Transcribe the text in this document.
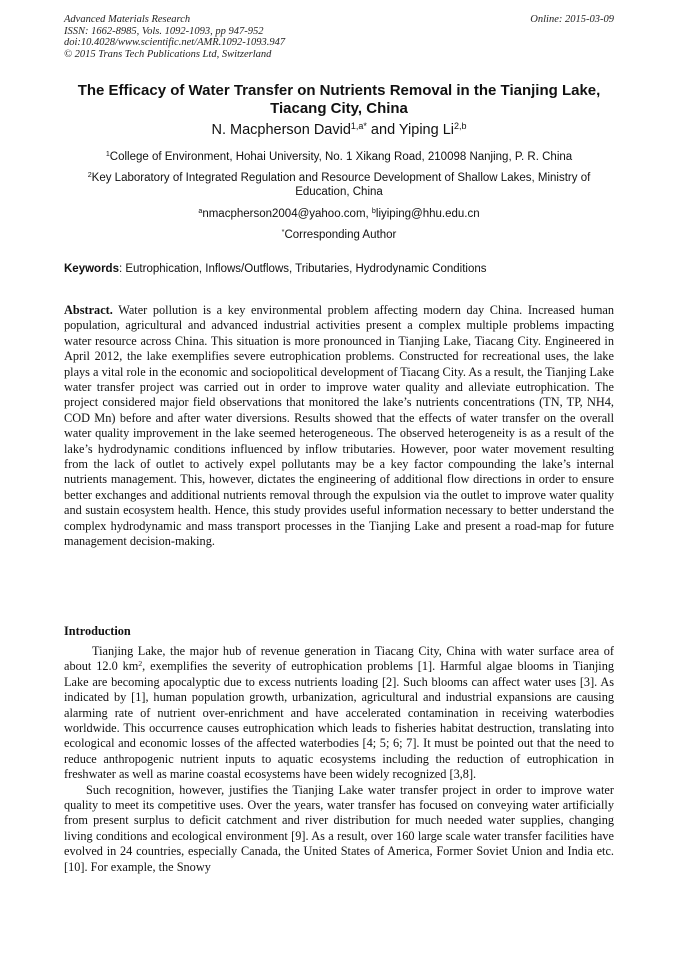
Advanced Materials Research
ISSN: 1662-8985, Vols. 1092-1093, pp 947-952
doi:10.4028/www.scientific.net/AMR.1092-1093.947
© 2015 Trans Tech Publications Ltd, Switzerland
Online: 2015-03-09
The Efficacy of Water Transfer on Nutrients Removal in the Tianjing Lake, Tiacang City, China
N. Macpherson David$^{1,a*}$ and Yiping Li$^{2,b}$
$^1$College of Environment, Hohai University, No. 1 Xikang Road, 210098 Nanjing, P. R. China
$^2$Key Laboratory of Integrated Regulation and Resource Development of Shallow Lakes, Ministry of Education, China
$^a$nmacpherson2004@yahoo.com, $^b$liyiping@hhu.edu.cn
*Corresponding Author
Keywords: Eutrophication, Inflows/Outflows, Tributaries, Hydrodynamic Conditions
Abstract. Water pollution is a key environmental problem affecting modern day China. Increased human population, agricultural and advanced industrial activities present a complex multiple problems impacting water resource across China. This situation is more pronounced in Tianjing Lake, Tiacang City. Engineered in April 2012, the lake exemplifies severe eutrophication problems. Constructed for recreational uses, the lake plays a vital role in the economic and sociopolitical development of Tiacang City. As a result, the Tianjing Lake water transfer project was carried out in order to improve water quality and alleviate eutrophication. The project considered major field observations that monitored the lake’s nutrients concentrations (TN, TP, NH4, COD Mn) before and after water diversions. Results showed that the effects of water transfer on the overall water quality improvement in the lake seemed heterogeneous. The observed heterogeneity is as a result of the lake’s hydrodynamic conditions influenced by inflow tributaries. However, poor water movement resulting from the lack of outlet to actively expel pollutants may be a key factor compounding the lake’s internal nutrients management. This, however, dictates the engineering of additional flow directions in order to ensure better exchanges and additional nutrients removal through the expulsion via the outlet to improve water quality and sustain ecosystem health. Hence, this study provides useful information necessary to better understand the complex hydrodynamic and mass transport processes in the Tianjing Lake and present a road-map for future management decision-making.
Introduction

Tianjing Lake, the major hub of revenue generation in Tiacang City, China with water surface area of about 12.0 $km^2$, exemplifies the severity of eutrophication problems [1]. Harmful algae blooms in Tianjing Lake are becoming apocalyptic due to excess nutrients loading [2]. Such blooms can affect water uses [3]. As indicated by [1], human population growth, urbanization, agricultural and industrial expansions are causing alarming rate of nutrient over-enrichment and have accelerated contamination in receiving waterbodies worldwide. This occurrence causes eutrophication which leads to fisheries habitat destruction, translating into ecological and economic losses of the affected waterbodies [4; 5; 6; 7]. It must be pointed out that the need to reduce anthropogenic nutrient inputs to aquatic ecosystems including the reduction of eutrophication in freshwater as well as marine coastal ecosystems have been widely recognized [3,8].

Such recognition, however, justifies the Tianjing Lake water transfer project in order to improve water quality to meet its competitive uses. Over the years, water transfer has focused on conveying water artificially from present surplus to deficit catchment and river distribution for much needed water supplies, changing living conditions and ecological environment [9]. As a result, over 160 large scale water transfer facilities have evolved in 24 countries, especially Canada, the United States of America, Former Soviet Union and India etc. [10]. For example, the Snowy
